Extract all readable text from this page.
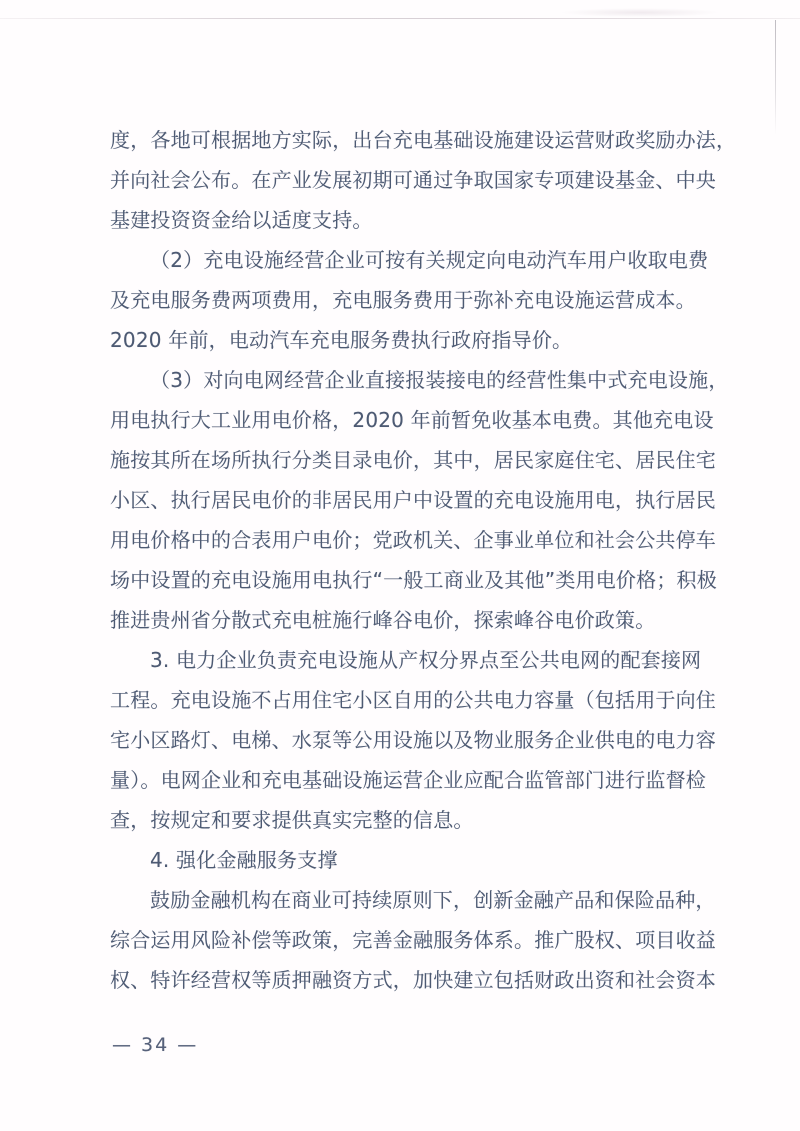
度，各地可根据地方实际，出台充电基础设施建设运营财政奖励办法，
并向社会公布。在产业发展初期可通过争取国家专项建设基金、中央
基建投资资金给以适度支持。
（2）充电设施经营企业可按有关规定向电动汽车用户收取电费
及充电服务费两项费用，充电服务费用于弥补充电设施运营成本。
2020 年前，电动汽车充电服务费执行政府指导价。
（3）对向电网经营企业直接报装接电的经营性集中式充电设施，
用电执行大工业用电价格，2020 年前暂免收基本电费。其他充电设
施按其所在场所执行分类目录电价，其中，居民家庭住宅、居民住宅
小区、执行居民电价的非居民用户中设置的充电设施用电，执行居民
用电价格中的合表用户电价；党政机关、企事业单位和社会公共停车
场中设置的充电设施用电执行“一般工商业及其他”类用电价格；积极
推进贵州省分散式充电桩施行峰谷电价，探索峰谷电价政策。
3. 电力企业负责充电设施从产权分界点至公共电网的配套接网
工程。充电设施不占用住宅小区自用的公共电力容量（包括用于向住
宅小区路灯、电梯、水泵等公用设施以及物业服务企业供电的电力容
量）。电网企业和充电基础设施运营企业应配合监管部门进行监督检
查，按规定和要求提供真实完整的信息。
4. 强化金融服务支撑
鼓励金融机构在商业可持续原则下，创新金融产品和保险品种，
综合运用风险补偿等政策，完善金融服务体系。推广股权、项目收益
权、特许经营权等质押融资方式，加快建立包括财政出资和社会资本
— 34 —
